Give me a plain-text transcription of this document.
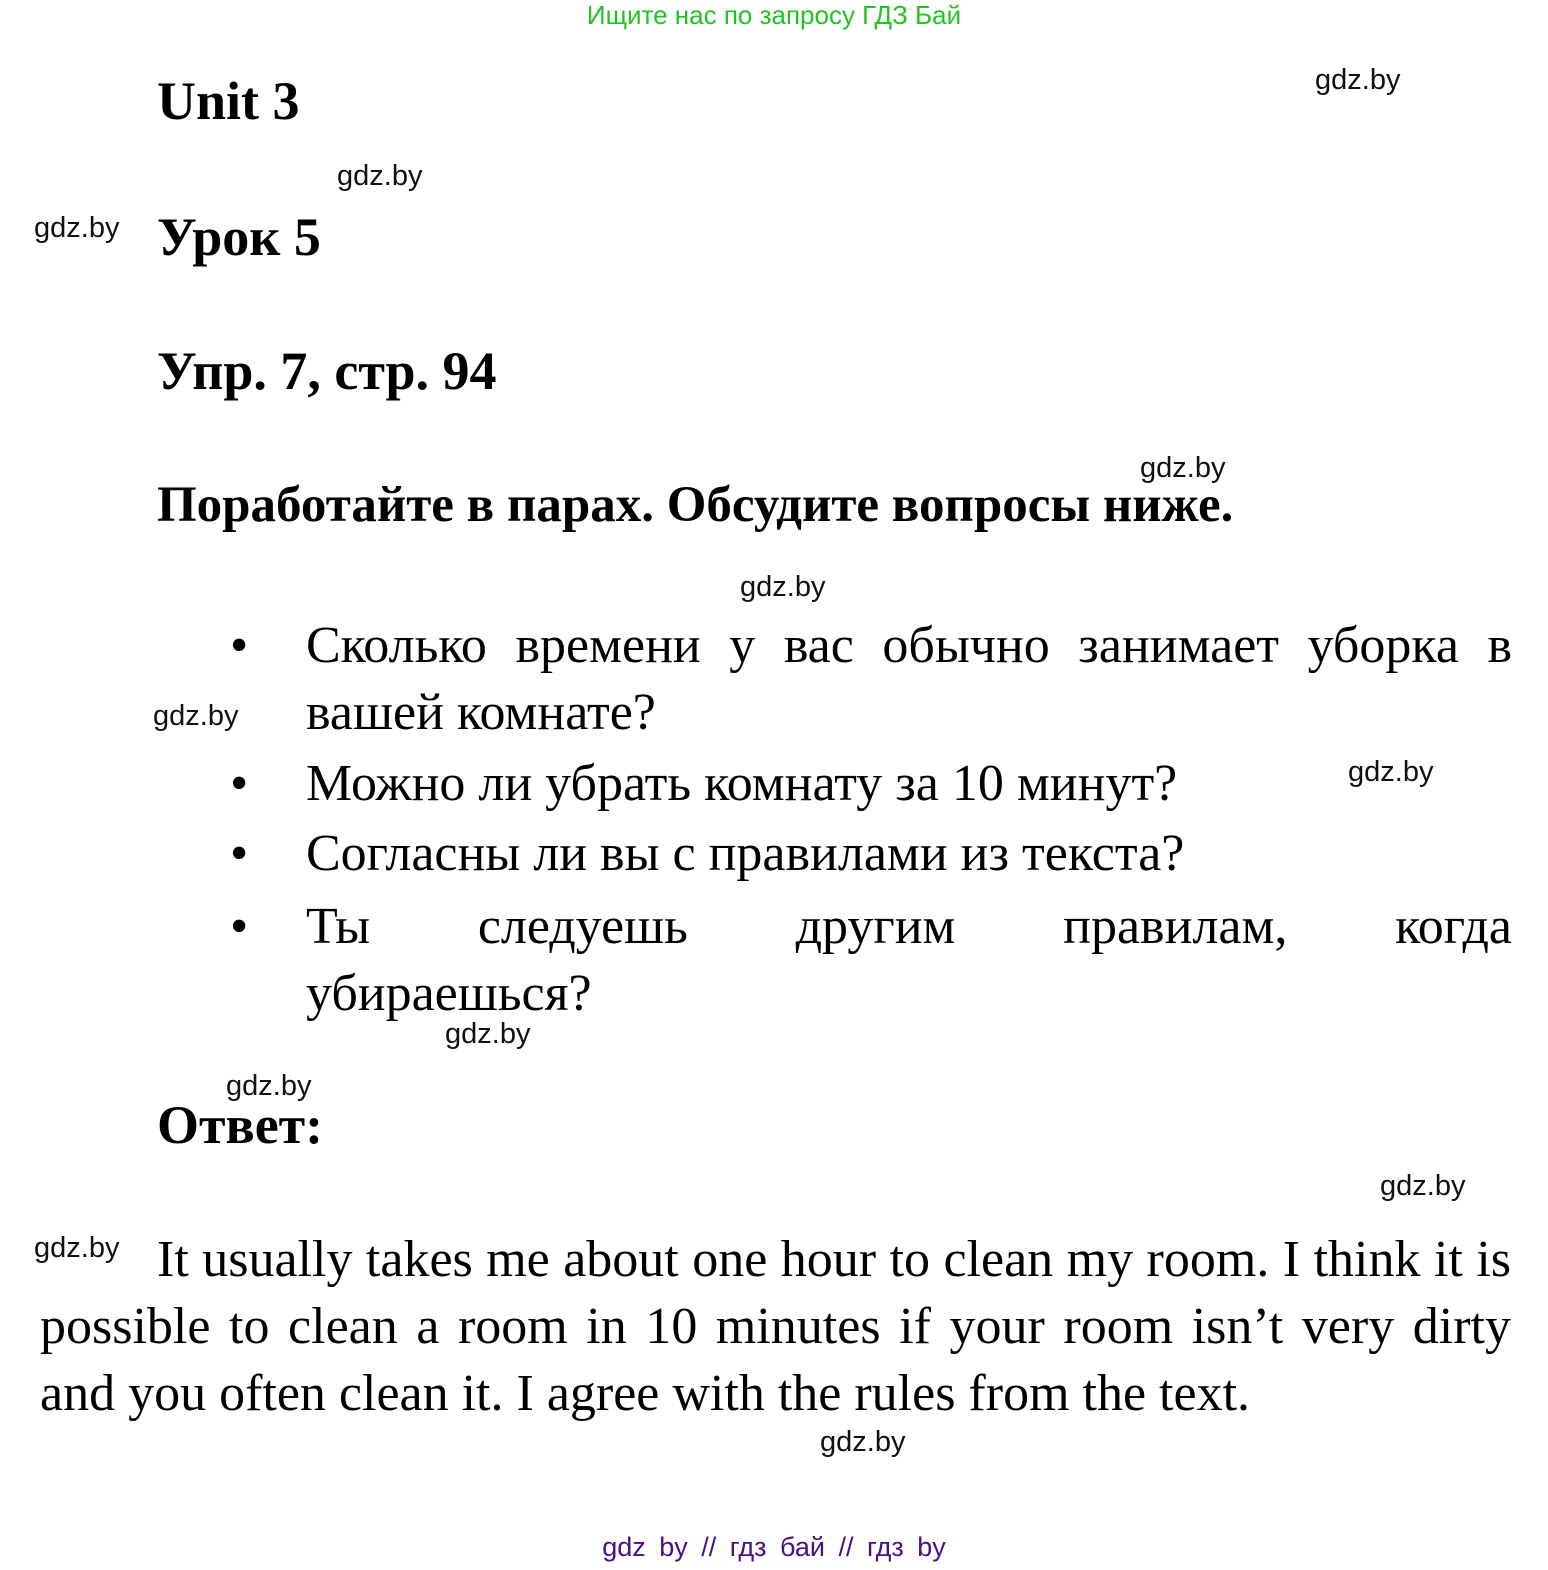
Ищите нас по запросу ГДЗ Бай
Unit 3
Урок 5
Упр. 7, стр. 94
Поработайте в парах. Обсудите вопросы ниже.
• Сколько времени у вас обычно занимает уборка в вашей комнате?
• Можно ли убрать комнату за 10 минут?
• Согласны ли вы с правилами из текста?
• Ты следуешь другим правилам, когда убираешься?
Ответ:
It usually takes me about one hour to clean my room. I think it is possible to clean a room in 10 minutes if your room isn’t very dirty and you often clean it. I agree with the rules from the text.
gdz.by
gdz.by
gdz.by
gdz.by
gdz.by
gdz.by
gdz.by
gdz.by
gdz.by
gdz.by
gdz.by
gdz.by
gdz by // гдз бай // гдз by
